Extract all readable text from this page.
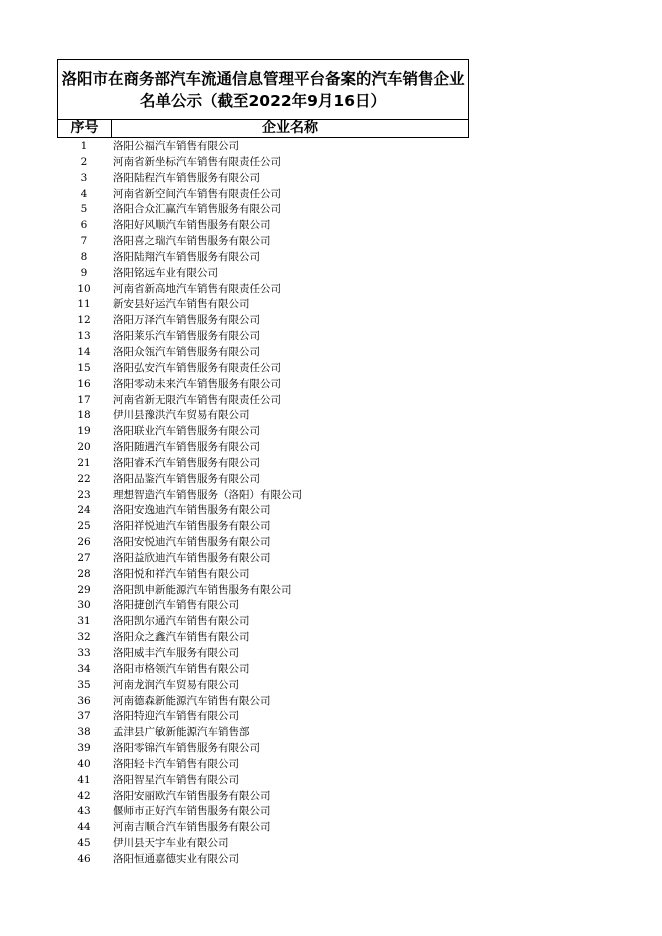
洛阳市在商务部汽车流通信息管理平台备案的汽车销售企业
名单公示（截至2022年9月16日）
序号	企业名称
1	洛阳公福汽车销售有限公司
2	河南省新坐标汽车销售有限责任公司
3	洛阳陆程汽车销售服务有限公司
4	河南省新空间汽车销售有限责任公司
5	洛阳合众汇赢汽车销售服务有限公司
6	洛阳好风顺汽车销售服务有限公司
7	洛阳喜之瑞汽车销售服务有限公司
8	洛阳陆翔汽车销售服务有限公司
9	洛阳铭远车业有限公司
10	河南省新高地汽车销售有限责任公司
11	新安县好运汽车销售有限公司
12	洛阳万泽汽车销售服务有限公司
13	洛阳莱乐汽车销售服务有限公司
14	洛阳众瓴汽车销售服务有限公司
15	洛阳弘安汽车销售服务有限责任公司
16	洛阳零动未来汽车销售服务有限公司
17	河南省新无限汽车销售有限责任公司
18	伊川县豫洪汽车贸易有限公司
19	洛阳联业汽车销售服务有限公司
20	洛阳随遇汽车销售服务有限公司
21	洛阳睿禾汽车销售服务有限公司
22	洛阳品鉴汽车销售服务有限公司
23	理想智造汽车销售服务（洛阳）有限公司
24	洛阳安逸迪汽车销售服务有限公司
25	洛阳祥悦迪汽车销售服务有限公司
26	洛阳安悦迪汽车销售服务有限公司
27	洛阳益欣迪汽车销售服务有限公司
28	洛阳悦和祥汽车销售有限公司
29	洛阳凯申新能源汽车销售服务有限公司
30	洛阳捷创汽车销售有限公司
31	洛阳凯尔通汽车销售有限公司
32	洛阳众之鑫汽车销售有限公司
33	洛阳威丰汽车服务有限公司
34	洛阳市格领汽车销售有限公司
35	河南龙润汽车贸易有限公司
36	河南德森新能源汽车销售有限公司
37	洛阳特迎汽车销售有限公司
38	孟津县广敏新能源汽车销售部
39	洛阳零锦汽车销售服务有限公司
40	洛阳轻卡汽车销售有限公司
41	洛阳智星汽车销售有限公司
42	洛阳安丽欧汽车销售服务有限公司
43	偃师市正好汽车销售服务有限公司
44	河南吉顺合汽车销售服务有限公司
45	伊川县天宇车业有限公司
46	洛阳恒通嘉德实业有限公司
